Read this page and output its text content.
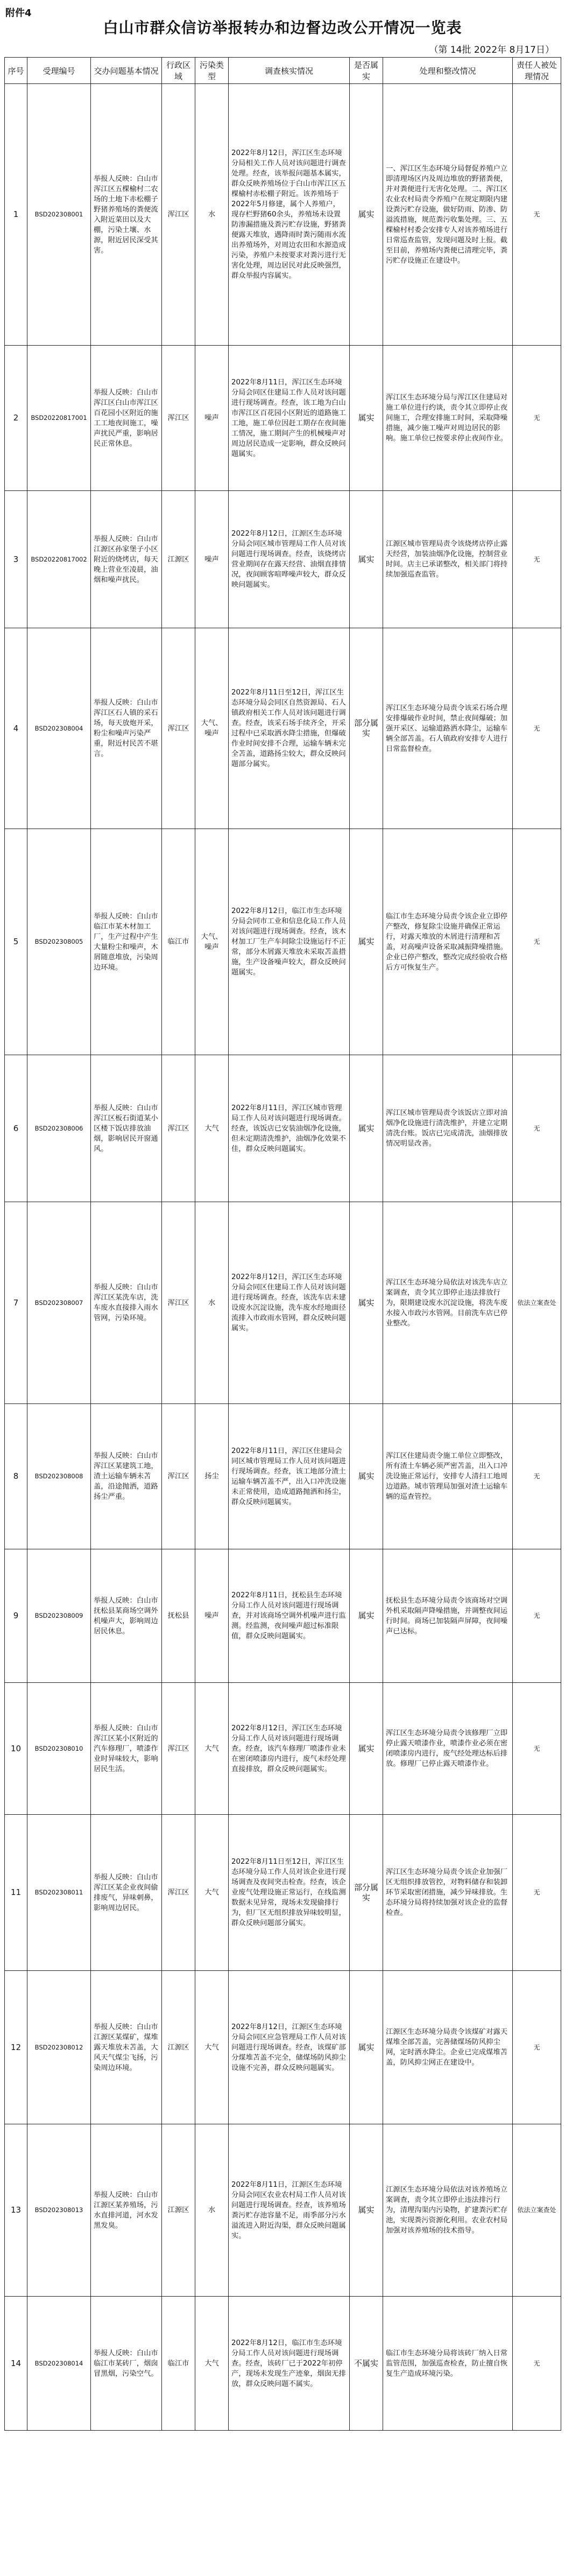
附件4
白山市群众信访举报转办和边督边改公开情况一览表
（第 14批 2022年 8月17日）
序号	受理编号	交办问题基本情况	行政区域	污染类型	调查核实情况	是否属实	处理和整改情况	责任人被处理情况
1	BSD202308001	举报人反映：白山市浑江区五棵榆村二农场的土地下赤松棚子野猪养殖场的粪便流入附近菜田以及大棚，污染土壤、水源，附近居民深受其害。	浑江区	水	2022年8月12日，浑江区生态环境分局相关工作人员对该问题进行调查处理。经查，该举报问题基本属实，群众反映养殖场位于白山市浑江区五棵榆村赤松棚子附近。该养殖场于2022年5月修建，属个人养殖户，现存栏野猪60余头，养殖场未设置防渗漏措施及粪污贮存设施，野猪粪便露天堆放，遇降雨时粪污随雨水流出养殖场外，对周边农田和水源造成污染，养殖户未按要求对粪污进行无害化处理，周边居民对此反映强烈，群众举报内容属实。	属实	一、浑江区生态环境分局督促养殖户立即清理场区内及周边堆放的野猪粪便，并对粪便进行无害化处理。二、浑江区农业农村局责令养殖户在规定期限内建设粪污贮存设施，做好防雨、防渗、防溢流措施，规范粪污收集处理。三、五棵榆村村委会安排专人对该养殖场进行日常巡查监管，发现问题及时上报。截至目前，养殖场内粪便已清理完毕，粪污贮存设施正在建设中。	无
2	BSD20220817001	举报人反映：白山市浑江区白山市浑江区百花园小区附近的施工工地夜间施工，噪声扰民严重，影响居民正常休息。	浑江区	噪声	2022年8月11日，浑江区生态环境分局会同区住建局工作人员对该问题进行现场调查。经查，该工地为白山市浑江区百花园小区附近的道路施工工地，施工单位因赶工期存在夜间施工情况，施工期间产生的机械噪声对周边居民造成一定影响，群众反映问题属实。	属实	浑江区生态环境分局与浑江区住建局对施工单位进行约谈，责令其立即停止夜间施工，合理安排施工时间，采取降噪措施，减少施工噪声对周边居民的影响。施工单位已按要求停止夜间作业。	无
3	BSD20220817002	举报人反映：白山市江源区孙家堡子小区附近的烧烤店，每天晚上营业至凌晨，油烟和噪声扰民。	江源区	噪声	2022年8月12日，江源区生态环境分局会同区城市管理局工作人员对该问题进行现场调查。经查，该烧烤店营业期间存在露天经营、油烟直排情况，夜间顾客喧哗噪声较大，群众反映问题属实。	属实	江源区城市管理局责令该烧烤店停止露天经营，加装油烟净化设施，控制营业时间。店主已承诺整改，相关部门将持续加强巡查监管。	无
4	BSD202308004	举报人反映：白山市浑江区石人镇的采石场，每天放炮开采，粉尘和噪声污染严重，附近村民苦不堪言。	浑江区	大气、噪声	2022年8月11日至12日，浑江区生态环境分局会同区自然资源局、石人镇政府相关工作人员对该问题进行调查。经查，该采石场手续齐全，开采过程中已采取洒水降尘措施，但爆破作业时间安排不合理，运输车辆未完全苫盖，道路扬尘较大，群众反映问题部分属实。	部分属实	浑江区生态环境分局责令该采石场合理安排爆破作业时间，禁止夜间爆破；加强开采区、运输道路洒水降尘，运输车辆全部苫盖。石人镇政府安排专人进行日常监督检查。	无
5	BSD202308005	举报人反映：白山市临江市某木材加工厂，生产过程中产生大量粉尘和噪声，木屑随意堆放，污染周边环境。	临江市	大气、噪声	2022年8月12日，临江市生态环境分局会同市工业和信息化局工作人员对该问题进行现场调查。经查，该木材加工厂生产车间除尘设施运行不正常，部分木屑露天堆放未采取苫盖措施，生产设备噪声较大，群众反映问题属实。	属实	临江市生态环境分局责令该企业立即停产整改，修复除尘设施并确保正常运行，对露天堆放的木屑进行清理和苫盖，对高噪声设备采取减振降噪措施。企业已停产整改，整改完成经验收合格后方可恢复生产。	无
6	BSD202308006	举报人反映：白山市浑江区板石街道某小区楼下饭店排放油烟，影响居民开窗通风。	浑江区	大气	2022年8月11日，浑江区城市管理局工作人员对该问题进行现场调查。经查，该饭店已安装油烟净化设施，但未定期清洗维护，油烟净化效果不佳，群众反映问题属实。	属实	浑江区城市管理局责令该饭店立即对油烟净化设施进行清洗维护，并建立定期清洗台账。饭店已完成清洗，油烟排放情况明显改善。	无
7	BSD202308007	举报人反映：白山市浑江区某洗车店，洗车废水直接排入雨水管网，污染环境。	浑江区	水	2022年8月12日，浑江区生态环境分局会同区住建局工作人员对该问题进行现场调查。经查，该洗车店未建设废水沉淀设施，洗车废水经地面径流排入市政雨水管网，群众反映问题属实。	属实	浑江区生态环境分局依法对该洗车店立案调查，责令其立即停止违法排放行为，限期建设废水沉淀设施，将洗车废水接入市政污水管网。目前洗车店已停业整改。	依法立案查处
8	BSD202308008	举报人反映：白山市浑江区某建筑工地，渣土运输车辆未苫盖，沿途抛洒，道路扬尘严重。	浑江区	扬尘	2022年8月11日，浑江区住建局会同区城市管理局工作人员对该问题进行现场调查。经查，该工地部分渣土运输车辆苫盖不严，出入口冲洗设施未正常使用，造成道路抛洒和扬尘，群众反映问题属实。	属实	浑江区住建局责令施工单位立即整改，所有渣土车辆必须严密苫盖，出入口冲洗设施正常运行，安排专人清扫工地周边道路。城市管理局加强对渣土运输车辆的巡查管控。	无
9	BSD202308009	举报人反映：白山市抚松县某商场空调外机噪声大，影响周边居民休息。	抚松县	噪声	2022年8月11日，抚松县生态环境分局工作人员对该问题进行现场调查，并对该商场空调外机噪声进行监测。经监测，夜间噪声超过标准限值，群众反映问题属实。	属实	抚松县生态环境分局责令该商场对空调外机采取隔声降噪措施，并调整夜间运行时间。商场已加装隔声屏障，夜间噪声已达标。	无
10	BSD202308010	举报人反映：白山市浑江区某小区附近的汽车修理厂，喷漆作业时异味较大，影响居民生活。	浑江区	大气	2022年8月12日，浑江区生态环境分局工作人员对该问题进行现场调查。经查，该汽车修理厂喷漆作业未在密闭喷漆房内进行，废气未经处理直接排放，群众反映问题属实。	属实	浑江区生态环境分局责令该修理厂立即停止露天喷漆作业，喷漆作业必须在密闭喷漆房内进行，废气经处理达标后排放。修理厂已停止露天喷漆作业。	无
11	BSD202308011	举报人反映：白山市浑江区某企业夜间偷排废气，异味刺鼻，影响周边居民。	浑江区	大气	2022年8月11日至12日，浑江区生态环境分局工作人员对该企业进行现场调查及夜间突击检查。经查，该企业废气处理设施正常运行，在线监测数据未见异常，现场未发现偷排行为，但厂区无组织排放异味较明显，群众反映问题部分属实。	部分属实	浑江区生态环境分局责令该企业加强厂区无组织排放管控，对物料储存和装卸环节采取密闭措施，减少异味排放。生态环境分局将持续加强对该企业的监督检查。	无
12	BSD202308012	举报人反映：白山市江源区某煤矿，煤堆露天堆放未苫盖，大风天气煤尘飞扬，污染周边环境。	江源区	大气	2022年8月12日，江源区生态环境分局会同区应急管理局工作人员对该问题进行现场调查。经查，该煤矿部分煤堆苫盖不完全，储煤场防风抑尘设施不完善，群众反映问题属实。	属实	江源区生态环境分局责令该煤矿对露天煤堆全部苫盖，完善储煤场防风抑尘网，定时洒水降尘。企业已完成煤堆苫盖，防风抑尘网正在建设中。	无
13	BSD202308013	举报人反映：白山市江源区某养殖场，污水直排河道，河水发黑发臭。	江源区	水	2022年8月11日，江源区生态环境分局会同区农业农村局工作人员对该问题进行现场调查。经查，该养殖场粪污贮存池容量不足，雨季部分污水溢流进入附近沟渠，群众反映问题属实。	属实	江源区生态环境分局依法对该养殖场立案调查，责令其立即停止违法排污行为，清理沟渠内污染物，扩建粪污贮存池，实现粪污资源化利用。农业农村局加强对该养殖场的技术指导。	依法立案查处
14	BSD202308014	举报人反映：白山市临江市某砖厂，烟囱冒黑烟，污染空气。	临江市	大气	2022年8月12日，临江市生态环境分局工作人员对该问题进行现场调查。经查，该砖厂已于2022年初停产，现场未发现生产迹象，烟囱无排放，群众反映问题不属实。	不属实	临江市生态环境分局将该砖厂纳入日常监管范围，加强巡查检查，防止擅自恢复生产造成环境污染。	无
